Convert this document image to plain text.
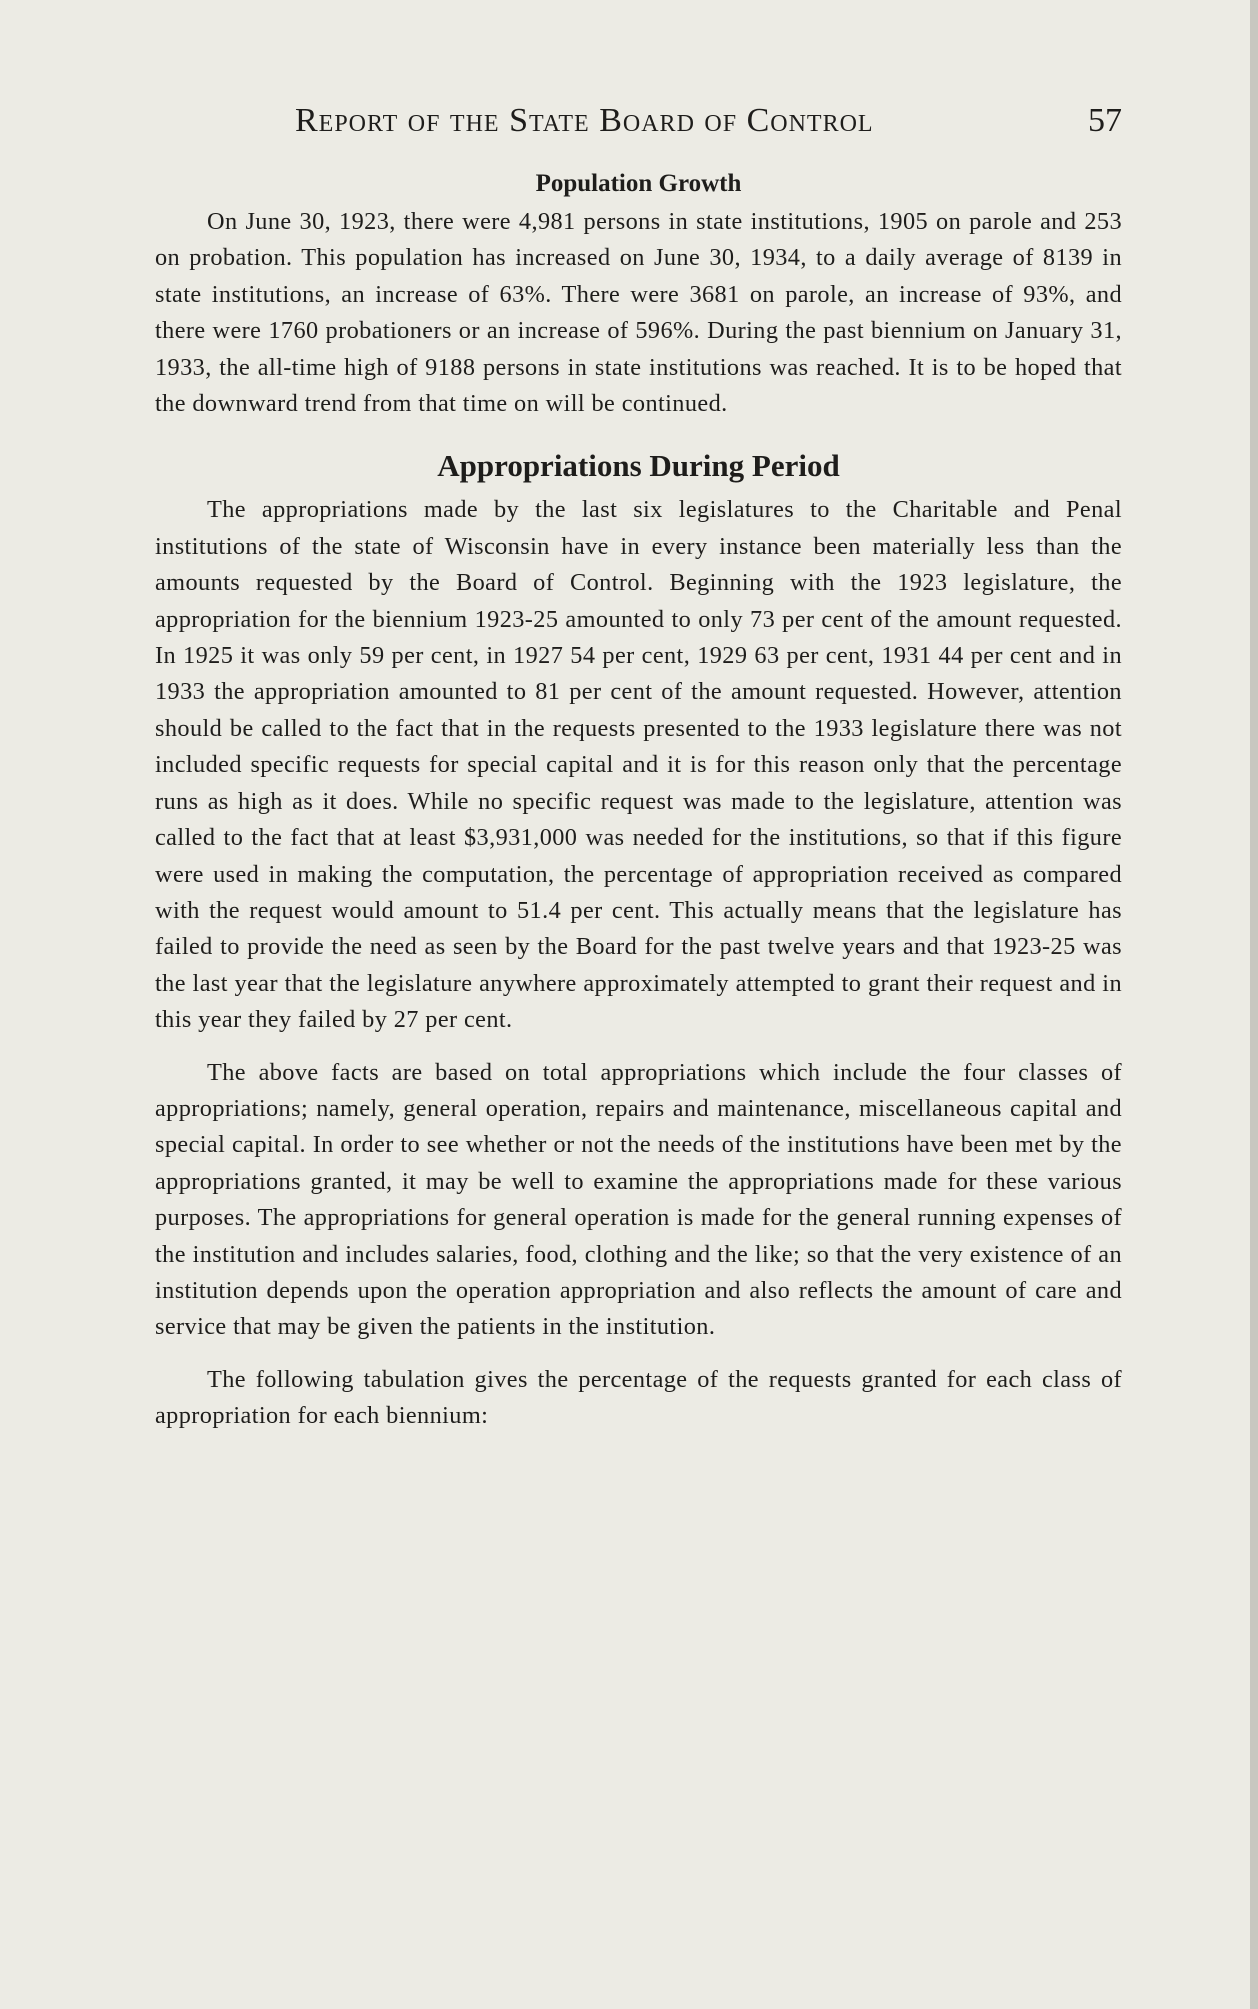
Report of the State Board of Control	57
Population Growth

On June 30, 1923, there were 4,981 persons in state institutions, 1905 on parole and 253 on probation. This population has increased on June 30, 1934, to a daily average of 8139 in state institutions, an increase of 63%. There were 3681 on parole, an increase of 93%, and there were 1760 probationers or an increase of 596%. During the past biennium on January 31, 1933, the all-time high of 9188 persons in state institutions was reached. It is to be hoped that the downward trend from that time on will be continued.

Appropriations During Period

The appropriations made by the last six legislatures to the Charitable and Penal institutions of the state of Wisconsin have in every instance been materially less than the amounts requested by the Board of Control. Beginning with the 1923 legislature, the appropriation for the biennium 1923-25 amounted to only 73 per cent of the amount requested. In 1925 it was only 59 per cent, in 1927 54 per cent, 1929 63 per cent, 1931 44 per cent and in 1933 the appropriation amounted to 81 per cent of the amount requested. However, attention should be called to the fact that in the requests presented to the 1933 legislature there was not included specific requests for special capital and it is for this reason only that the percentage runs as high as it does. While no specific request was made to the legislature, attention was called to the fact that at least $3,931,000 was needed for the institutions, so that if this figure were used in making the computation, the percentage of appropriation received as compared with the request would amount to 51.4 per cent. This actually means that the legislature has failed to provide the need as seen by the Board for the past twelve years and that 1923-25 was the last year that the legislature anywhere approximately attempted to grant their request and in this year they failed by 27 per cent.

The above facts are based on total appropriations which include the four classes of appropriations; namely, general operation, repairs and maintenance, miscellaneous capital and special capital. In order to see whether or not the needs of the institutions have been met by the appropriations granted, it may be well to examine the appropriations made for these various purposes. The appropriations for general operation is made for the general running expenses of the institution and includes salaries, food, clothing and the like; so that the very existence of an institution depends upon the operation appropriation and also reflects the amount of care and service that may be given the patients in the institution.

The following tabulation gives the percentage of the requests granted for each class of appropriation for each biennium:
